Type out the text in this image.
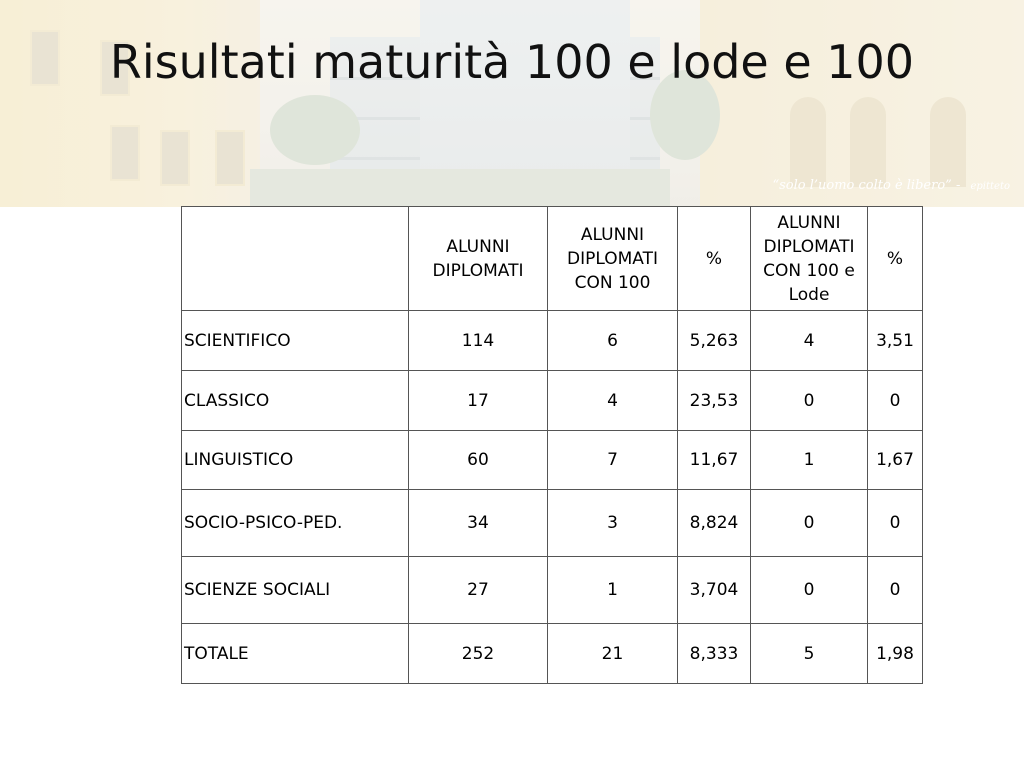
“solo l’uomo colto è libero” - epitteto
Risultati maturità 100 e lode e 100
	ALUNNI DIPLOMATI	ALUNNI DIPLOMATI CON 100	%	ALUNNI DIPLOMATI CON 100 e Lode	%
SCIENTIFICO	114	6	5,263	4	3,51
CLASSICO	17	4	23,53	0	0
LINGUISTICO	60	7	11,67	1	1,67
SOCIO-PSICO-PED.	34	3	8,824	0	0
SCIENZE SOCIALI	27	1	3,704	0	0
TOTALE	252	21	8,333	5	1,98
